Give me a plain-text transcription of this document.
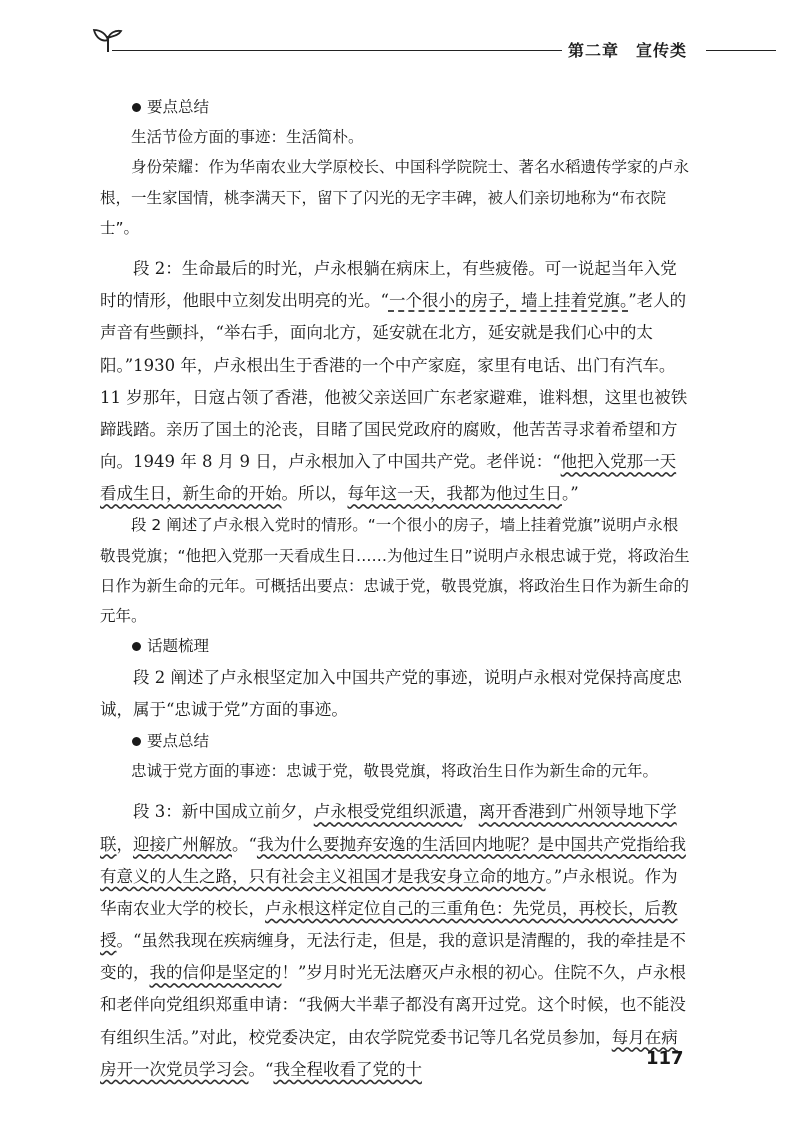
第二章　宣传类

要点总结

生活节俭方面的事迹：生活简朴。

身份荣耀：作为华南农业大学原校长、中国科学院院士、著名水稻遗传学家的卢永根，一生家国情，桃李满天下，留下了闪光的无字丰碑，被人们亲切地称为“布衣院士”。

段 2：生命最后的时光，卢永根躺在病床上，有些疲倦。可一说起当年入党时的情形，他眼中立刻发出明亮的光。“一个很小的房子，墙上挂着党旗。”老人的声音有些颤抖，“举右手，面向北方，延安就在北方，延安就是我们心中的太阳。”1930 年，卢永根出生于香港的一个中产家庭，家里有电话、出门有汽车。11 岁那年，日寇占领了香港，他被父亲送回广东老家避难，谁料想，这里也被铁蹄践踏。亲历了国土的沦丧，目睹了国民党政府的腐败，他苦苦寻求着希望和方向。1949 年 8 月 9 日，卢永根加入了中国共产党。老伴说：“他把入党那一天看成生日，新生命的开始。所以，每年这一天，我都为他过生日。”

段 2 阐述了卢永根入党时的情形。“一个很小的房子，墙上挂着党旗”说明卢永根敬畏党旗；“他把入党那一天看成生日……为他过生日”说明卢永根忠诚于党，将政治生日作为新生命的元年。可概括出要点：忠诚于党，敬畏党旗，将政治生日作为新生命的元年。

话题梳理

段 2 阐述了卢永根坚定加入中国共产党的事迹，说明卢永根对党保持高度忠诚，属于“忠诚于党”方面的事迹。

要点总结

忠诚于党方面的事迹：忠诚于党，敬畏党旗，将政治生日作为新生命的元年。

段 3：新中国成立前夕，卢永根受党组织派遣，离开香港到广州领导地下学联，迎接广州解放。“我为什么要抛弃安逸的生活回内地呢？是中国共产党指给我有意义的人生之路，只有社会主义祖国才是我安身立命的地方。”卢永根说。作为华南农业大学的校长，卢永根这样定位自己的三重角色：先党员，再校长，后教授。“虽然我现在疾病缠身，无法行走，但是，我的意识是清醒的，我的牵挂是不变的，我的信仰是坚定的！”岁月时光无法磨灭卢永根的初心。住院不久，卢永根和老伴向党组织郑重申请：“我俩大半辈子都没有离开过党。这个时候，也不能没有组织生活。”对此，校党委决定，由农学院党委书记等几名党员参加，每月在病房开一次党员学习会。“我全程收看了党的十

117
